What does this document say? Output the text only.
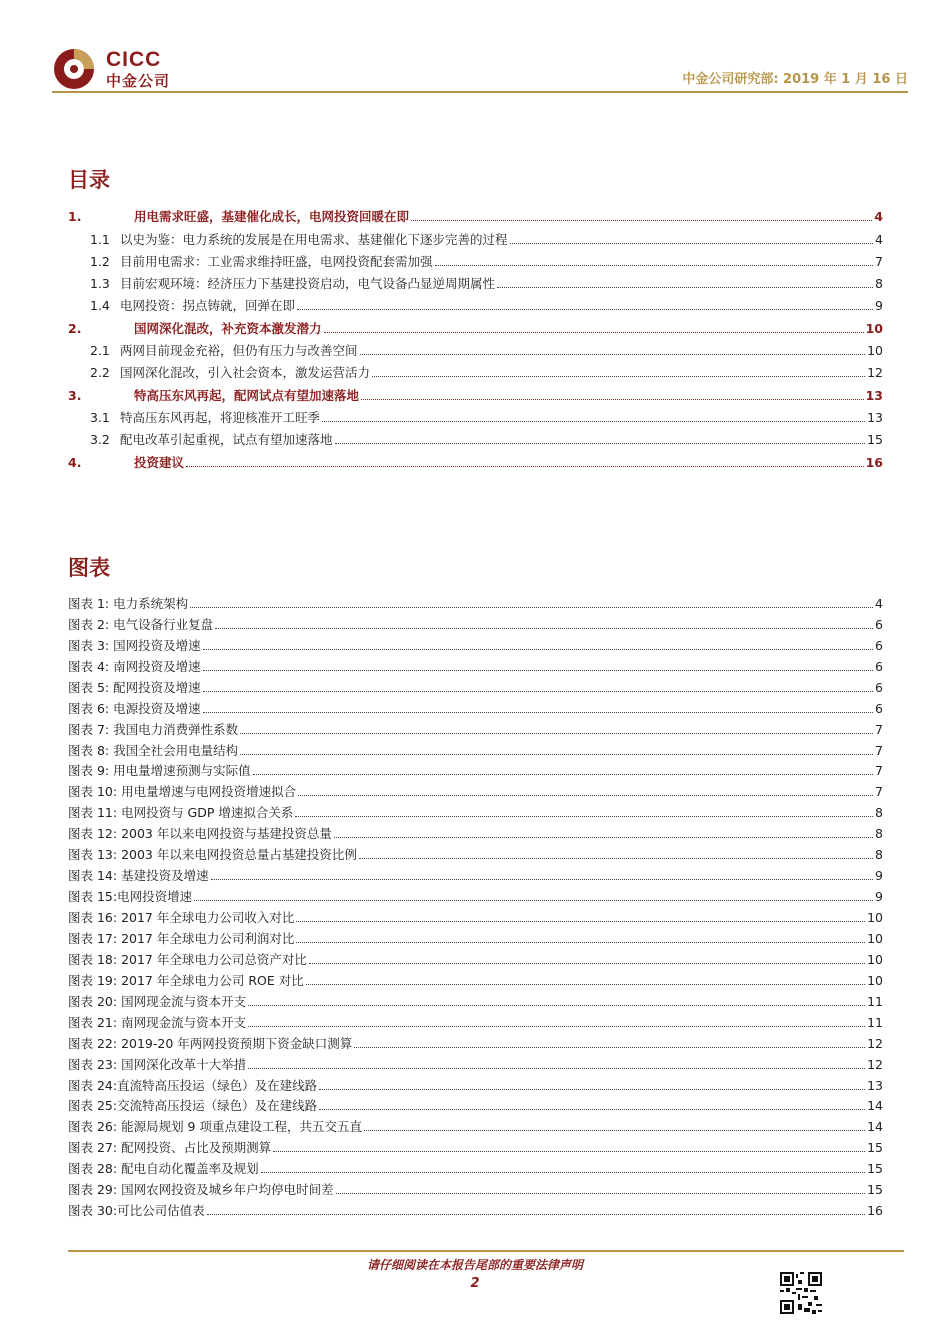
CICC
中金公司	中金公司研究部: 2019 年 1 月 16 日
目录
1.	用电需求旺盛，基建催化成长，电网投资回暖在即	4
1.1 以史为鉴：电力系统的发展是在用电需求、基建催化下逐步完善的过程	4
1.2 目前用电需求：工业需求维持旺盛，电网投资配套需加强	7
1.3 目前宏观环境：经济压力下基建投资启动，电气设备凸显逆周期属性	8
1.4 电网投资：拐点铸就，回弹在即	9
2.	国网深化混改，补充资本激发潜力	10
2.1 两网目前现金充裕，但仍有压力与改善空间	10
2.2 国网深化混改，引入社会资本，激发运营活力	12
3.	特高压东风再起，配网试点有望加速落地	13
3.1 特高压东风再起，将迎核准开工旺季	13
3.2 配电改革引起重视，试点有望加速落地	15
4.	投资建议	16
图表
图表 1: 电力系统架构	4
图表 2: 电气设备行业复盘	6
图表 3: 国网投资及增速	6
图表 4: 南网投资及增速	6
图表 5: 配网投资及增速	6
图表 6: 电源投资及增速	6
图表 7: 我国电力消费弹性系数	7
图表 8: 我国全社会用电量结构	7
图表 9: 用电量增速预测与实际值	7
图表 10: 用电量增速与电网投资增速拟合	7
图表 11: 电网投资与 GDP 增速拟合关系	8
图表 12: 2003 年以来电网投资与基建投资总量	8
图表 13: 2003 年以来电网投资总量占基建投资比例	8
图表 14: 基建投资及增速	9
图表 15:电网投资增速	9
图表 16: 2017 年全球电力公司收入对比	10
图表 17: 2017 年全球电力公司利润对比	10
图表 18: 2017 年全球电力公司总资产对比	10
图表 19: 2017 年全球电力公司 ROE 对比	10
图表 20: 国网现金流与资本开支	11
图表 21: 南网现金流与资本开支	11
图表 22: 2019-20 年两网投资预期下资金缺口测算	12
图表 23: 国网深化改革十大举措	12
图表 24:直流特高压投运（绿色）及在建线路	13
图表 25:交流特高压投运（绿色）及在建线路	14
图表 26: 能源局规划 9 项重点建设工程，共五交五直	14
图表 27: 配网投资、占比及预期测算	15
图表 28: 配电自动化覆盖率及规划	15
图表 29: 国网农网投资及城乡年户均停电时间差	15
图表 30:可比公司估值表	16
请仔细阅读在本报告尾部的重要法律声明
2
